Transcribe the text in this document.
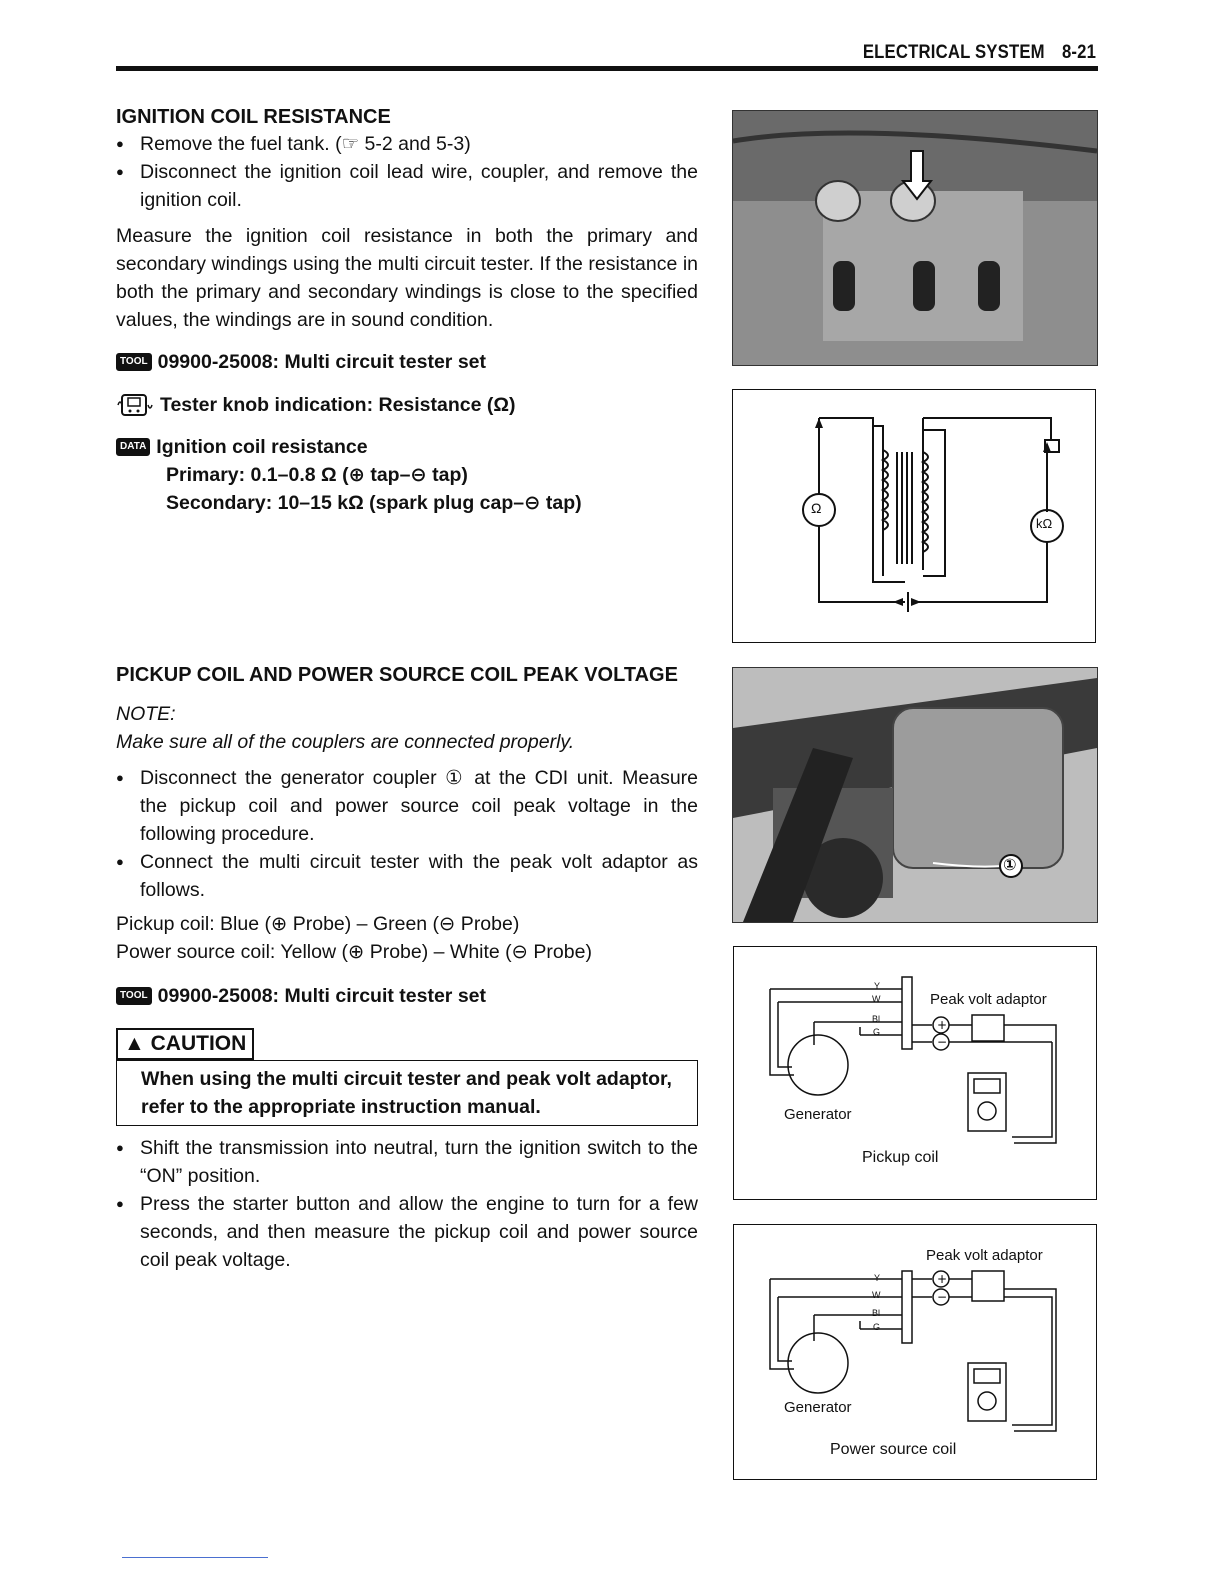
ELECTRICAL SYSTEM 8-21
IGNITION COIL RESISTANCE
● Remove the fuel tank. (☞ 5-2 and 5-3)
● Disconnect the ignition coil lead wire, coupler, and remove the ignition coil.

Measure the ignition coil resistance in both the primary and secondary windings using the multi circuit tester. If the resistance in both the primary and secondary windings is close to the specified values, the windings are in sound condition.

TOOL 09900-25008: Multi circuit tester set
Tester knob indication: Resistance (Ω)
DATA Ignition coil resistance
Primary: 0.1–0.8 Ω (⊕ tap–⊖ tap)
Secondary: 10–15 kΩ (spark plug cap–⊖ tap)
PICKUP COIL AND POWER SOURCE COIL PEAK VOLTAGE
NOTE:
Make sure all of the couplers are connected properly.
● Disconnect the generator coupler ① at the CDI unit. Measure the pickup coil and power source coil peak voltage in the following procedure.
● Connect the multi circuit tester with the peak volt adaptor as follows.
Pickup coil: Blue (⊕ Probe) – Green (⊖ Probe)
Power source coil: Yellow (⊕ Probe) – White (⊖ Probe)
TOOL 09900-25008: Multi circuit tester set
▲ CAUTION
When using the multi circuit tester and peak volt adaptor, refer to the appropriate instruction manual.
● Shift the transmission into neutral, turn the ignition switch to the “ON” position.
● Press the starter button and allow the engine to turn for a few seconds, and then measure the pickup coil and power source coil peak voltage.
Ω
kΩ
①
+
−
Y
W
Bl
G
Peak volt adaptor
Generator
Pickup coil
+
−
Y
W
Bl
G
Peak volt adaptor
Generator
Power source coil
